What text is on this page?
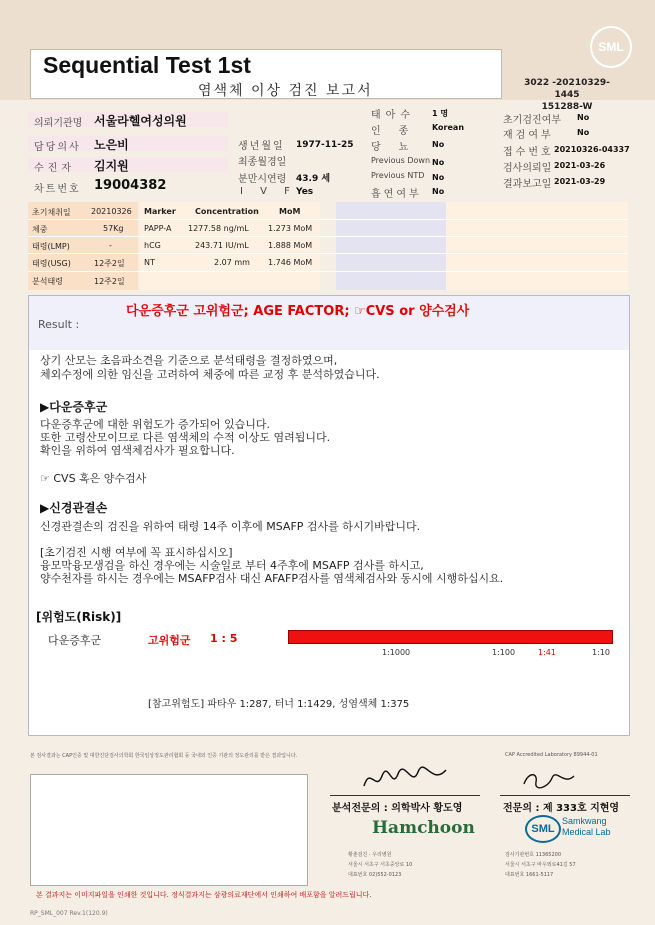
SML
Sequential Test 1st
염색체 이상 검진 보고서	3022 -20210329-1445
151288-W
의뢰기관명 서울라헬여성의원
담당의사 노은비
수진자 김지원
차트번호 19004382
생년월일 1977-11-25
최종월경일
분만시연령 43.9 세
I V F Yes
태아수 1 명
인종 Korean
당뇨 No
Previous Down No
Previous NTD No
흡연여부 No
초기검진여부 No
재검여부	No
접수번호 20210326-04337
검사의뢰일 2021-03-26
결과보고일 2021-03-29
초기채취일	20210326
체중	57Kg
태령(LMP)	-
태령(USG)	12주2일
분석태령	12주2일
Marker Concentration	MoM
PAPP-A 1277.58 ng/mL 1.273 MoM
hCG	243.71 IU/mL 1.888 MoM
NT	2.07 mm 1.746 MoM
Result :
다운증후군 고위험군; AGE FACTOR; ☞CVS or 양수검사
상기 산모는 초음파소견을 기준으로 분석태령을 결정하였으며,
체외수정에 의한 임신을 고려하여 체중에 따른 교정 후 분석하였습니다.
▶다운증후군
다운증후군에 대한 위험도가 증가되어 있습니다.
또한 고령산모이므로 다른 염색체의 수적 이상도 염려됩니다.
확인을 위하여 염색체검사가 필요합니다.
☞ CVS 혹은 양수검사
▶신경관결손
신경관결손의 검진을 위하여 태령 14주 이후에 MSAFP 검사를 하시기바랍니다.
[초기검진 시행 여부에 꼭 표시하십시오]
융모막융모생검을 하신 경우에는 시술일로 부터 4주후에 MSAFP 검사를 하시고,
양수천자를 하시는 경우에는 MSAFP검사 대신 AFAFP검사를 염색체검사와 동시에 시행하십시요.
[위험도(Risk)]
다운증후군	고위험군 1 : 5
1:1000	1:100	1:41	1:10
[참고위험도] 파타우 1:287, 터너 1:1429, 성염색체 1:375
본 검사결과는 CAP인증 및 대한진단검사의학회 한국임상정도관리협회 등 국내외 인증 기관의 정도관리를 받은 결과입니다.	CAP Accredited Laboratory 89944-01
분석전문의 : 의학박사 황도영	전문의 : 제 333호 지현영
Hamchoon	SML
Samkwang
Medical Lab
황춘검진 · 우리병원
서울시 서초구 서초중앙로 10
대표번호 02)552-0123
검사기관번호 11365200
서울시 서초구 바우뫼로41길 57
대표번호 1661-5117
본 결과지는 이미지파일을 인쇄한 것입니다. 정식결과지는 삼광의료재단에서 인쇄하여 배포함을 알려드립니다.
RP_SML_007 Rev.1(120.9)
